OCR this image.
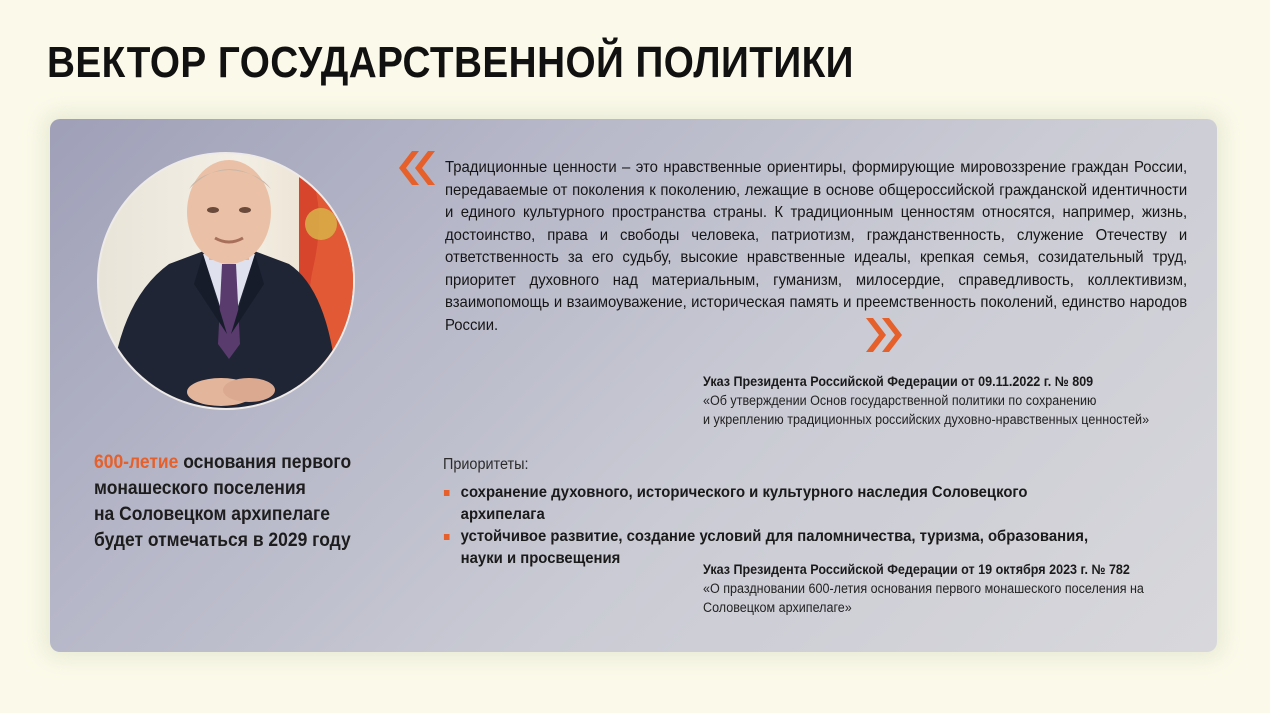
ВЕКТОР ГОСУДАРСТВЕННОЙ ПОЛИТИКИ
Традиционные ценности – это нравственные ориентиры, формирующие мировоззрение граждан России, передаваемые от поколения к поколению, лежащие в основе общероссийской гражданской идентичности и единого культурного пространства страны. К традиционным ценностям относятся, например, жизнь, достоинство, права и свободы человека, патриотизм, гражданственность, служение Отечеству и ответственность за его судьбу, высокие нравственные идеалы, крепкая семья, созидательный труд, приоритет духовного над материальным, гуманизм, милосердие, справедливость, коллективизм, взаимопомощь и взаимоуважение, историческая память и преемственность поколений, единство народов России.
Указ Президента Российской Федерации от 09.11.2022 г. № 809
«Об утверждении Основ государственной политики по сохранению
и укреплению традиционных российских духовно-нравственных ценностей»
600-летие основания первого
монашеского поселения
на Соловецком архипелаге
будет отмечаться в 2029 году
Приоритеты:
сохранение духовного, исторического и культурного наследия Соловецкого архипелага
устойчивое развитие, создание условий для паломничества, туризма, образования, науки и просвещения
Указ Президента Российской Федерации от 19 октября 2023 г. № 782
«О праздновании 600-летия основания первого монашеского поселения на
Соловецком архипелаге»
